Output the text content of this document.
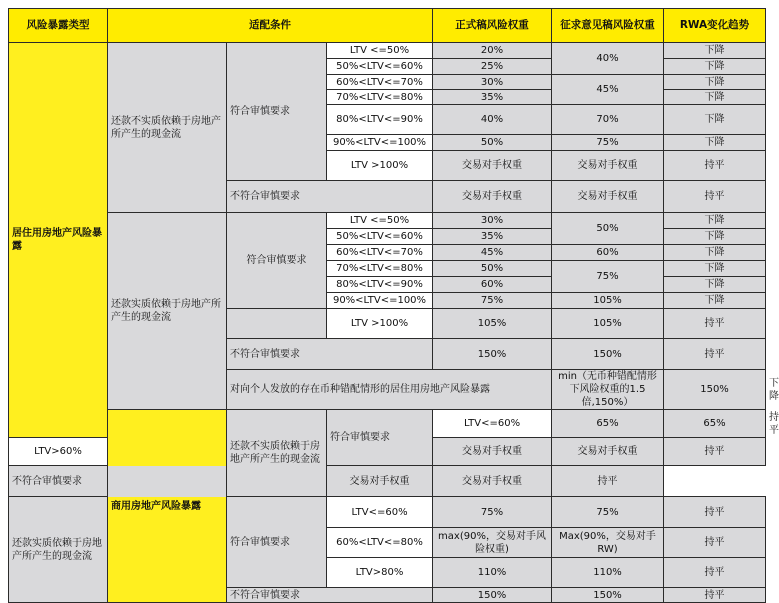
风险暴露类型	适配条件			正式稿风险权重	征求意见稿风险权重	RWA变化趋势	
居住用房地产风险暴露	还款不实质依赖于房地产所产生的现金流	符合审慎要求	LTV <=50%	20%	40%	下降	
			50%<LTV<=60%	25%		下降	
			60%<LTV<=70%	30%	45%	下降	
			70%<LTV<=80%	35%		下降	
			80%<LTV<=90%	40%	70%	下降	
			90%<LTV<=100%	50%	75%	下降	
			LTV >100%	交易对手权重	交易对手权重	持平	
		不符合审慎要求		交易对手权重	交易对手权重	持平	
	还款实质依赖于房地产所产生的现金流	符合审慎要求	LTV <=50%	30%	50%	下降	
			50%<LTV<=60%	35%		下降	
			60%<LTV<=70%	45%	60%	下降	
			70%<LTV<=80%	50%	75%	下降	
			80%<LTV<=90%	60%		下降	
			90%<LTV<=100%	75%	105%	下降	
			LTV >100%	105%	105%	持平	
		不符合审慎要求		150%	150%	持平	
		对向个人发放的存在币种错配情形的居住用房地产风险暴露			min（无币种错配情形下风险权重的1.5倍,150%）	150%	下降
	商用房地产风险暴露	还款不实质依赖于房地产所产生的现金流	符合审慎要求	LTV<=60%	65%	65%	持平
LTV>60%				交易对手权重	交易对手权重	持平	
不符合审慎要求			交易对手权重	交易对手权重	持平		
还款实质依赖于房地产所产生的现金流		符合审慎要求	LTV<=60%	75%	75%	持平	
			60%<LTV<=80%	max(90%，交易对手风险权重)	Max(90%，交易对手RW)	持平	
			LTV>80%	110%	110%	持平	
		不符合审慎要求		150%	150%	持平	
